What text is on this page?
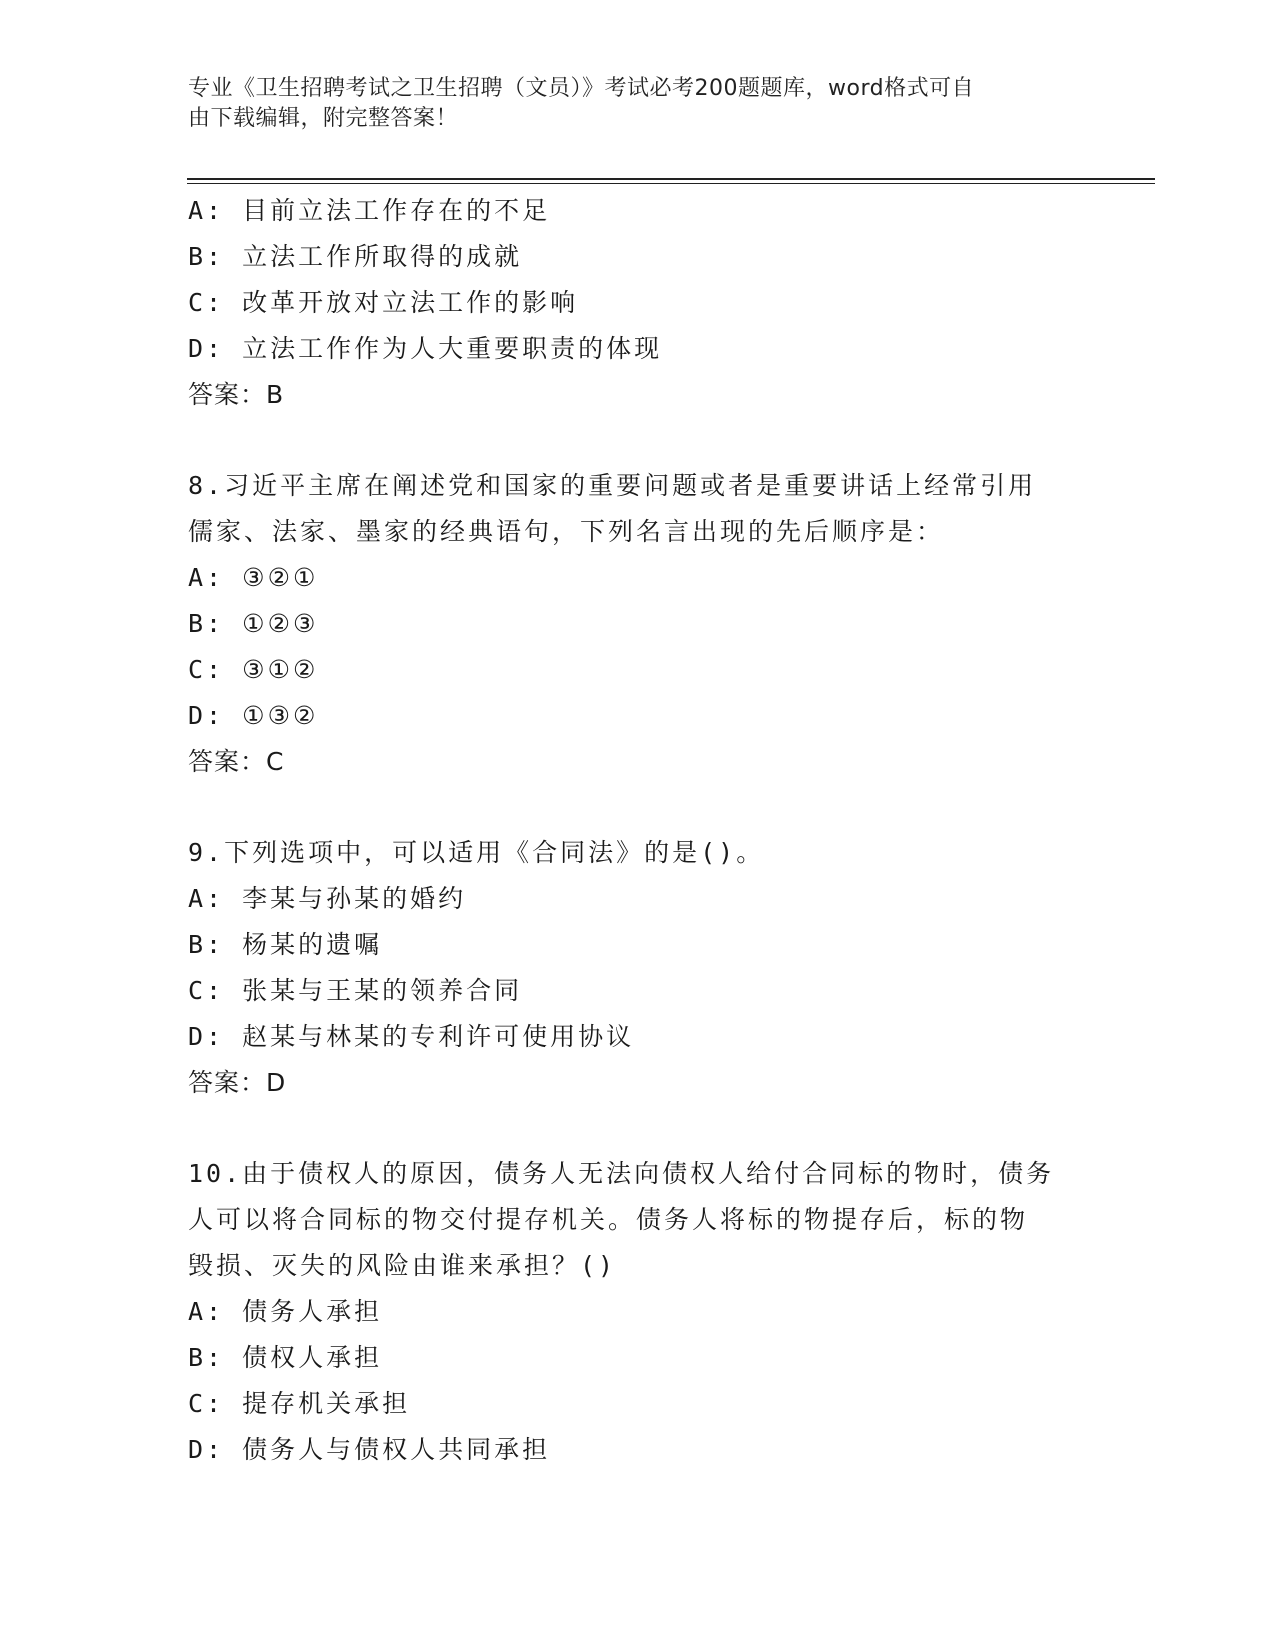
专业《卫生招聘考试之卫生招聘（文员）》考试必考200题题库，word格式可自
由下载编辑，附完整答案！
A: 目前立法工作存在的不足
B: 立法工作所取得的成就
C: 改革开放对立法工作的影响
D: 立法工作作为人大重要职责的体现
答案：B
8.习近平主席在阐述党和国家的重要问题或者是重要讲话上经常引用
儒家、法家、墨家的经典语句，下列名言出现的先后顺序是：
A: ③②①
B: ①②③
C: ③①②
D: ①③②
答案：C
9.下列选项中，可以适用《合同法》的是()。
A: 李某与孙某的婚约
B: 杨某的遗嘱
C: 张某与王某的领养合同
D: 赵某与林某的专利许可使用协议
答案：D
10.由于债权人的原因，债务人无法向债权人给付合同标的物时，债务
人可以将合同标的物交付提存机关。债务人将标的物提存后，标的物
毁损、灭失的风险由谁来承担？()
A: 债务人承担
B: 债权人承担
C: 提存机关承担
D: 债务人与债权人共同承担
